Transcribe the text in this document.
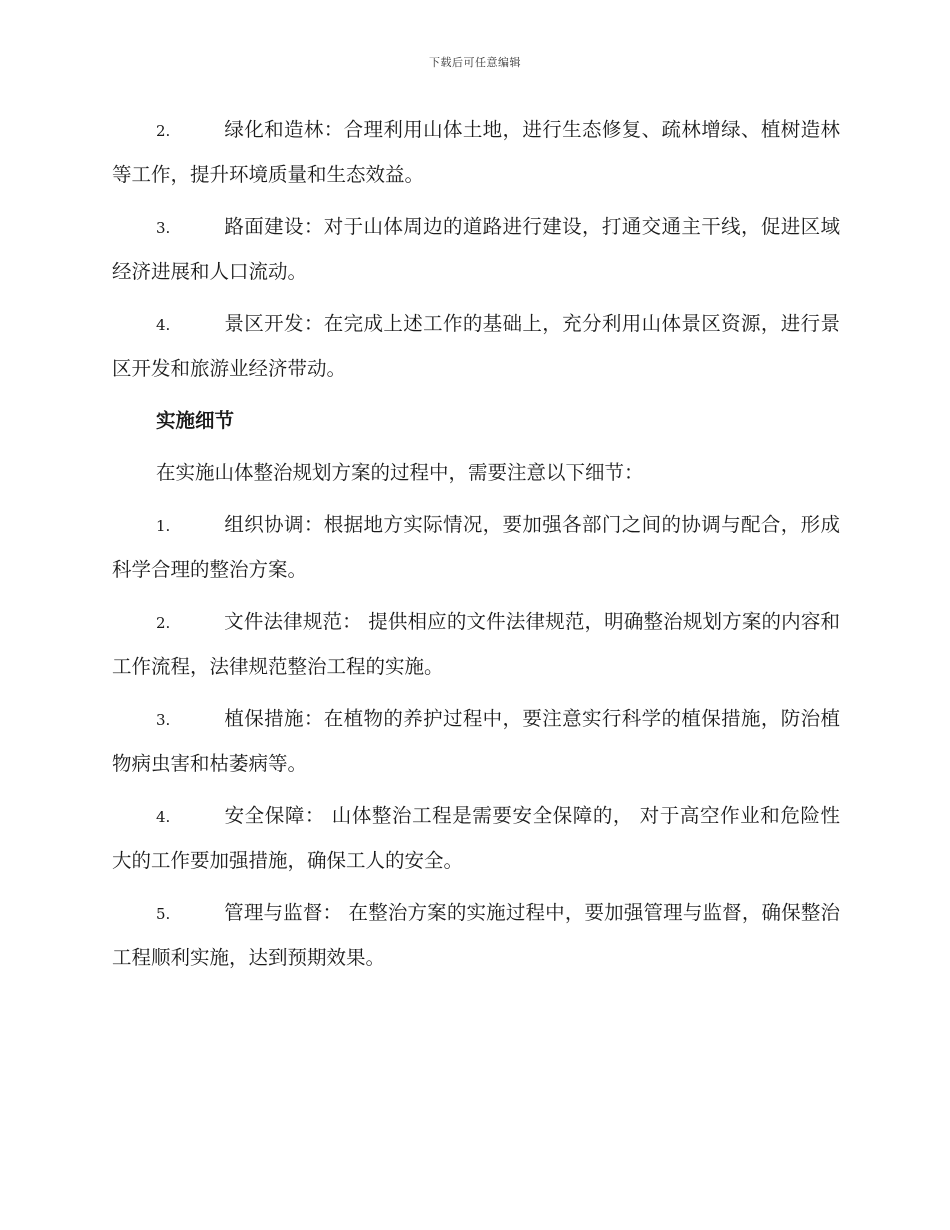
下载后可任意编辑
2.	绿化和造林：合理利用山体土地，进行生态修复、疏林增绿、植树造林等工作，提升环境质量和生态效益。
3.	路面建设：对于山体周边的道路进行建设，打通交通主干线，促进区域经济进展和人口流动。
4.	景区开发：在完成上述工作的基础上，充分利用山体景区资源，进行景区开发和旅游业经济带动。
实施细节
在实施山体整治规划方案的过程中，需要注意以下细节：
1.	组织协调：根据地方实际情况，要加强各部门之间的协调与配合，形成科学合理的整治方案。
2.	文件法律规范： 提供相应的文件法律规范，明确整治规划方案的内容和工作流程，法律规范整治工程的实施。
3.	植保措施：在植物的养护过程中，要注意实行科学的植保措施，防治植物病虫害和枯萎病等。
4.	安全保障： 山体整治工程是需要安全保障的， 对于高空作业和危险性大的工作要加强措施，确保工人的安全。
5.	管理与监督： 在整治方案的实施过程中，要加强管理与监督，确保整治工程顺利实施，达到预期效果。
